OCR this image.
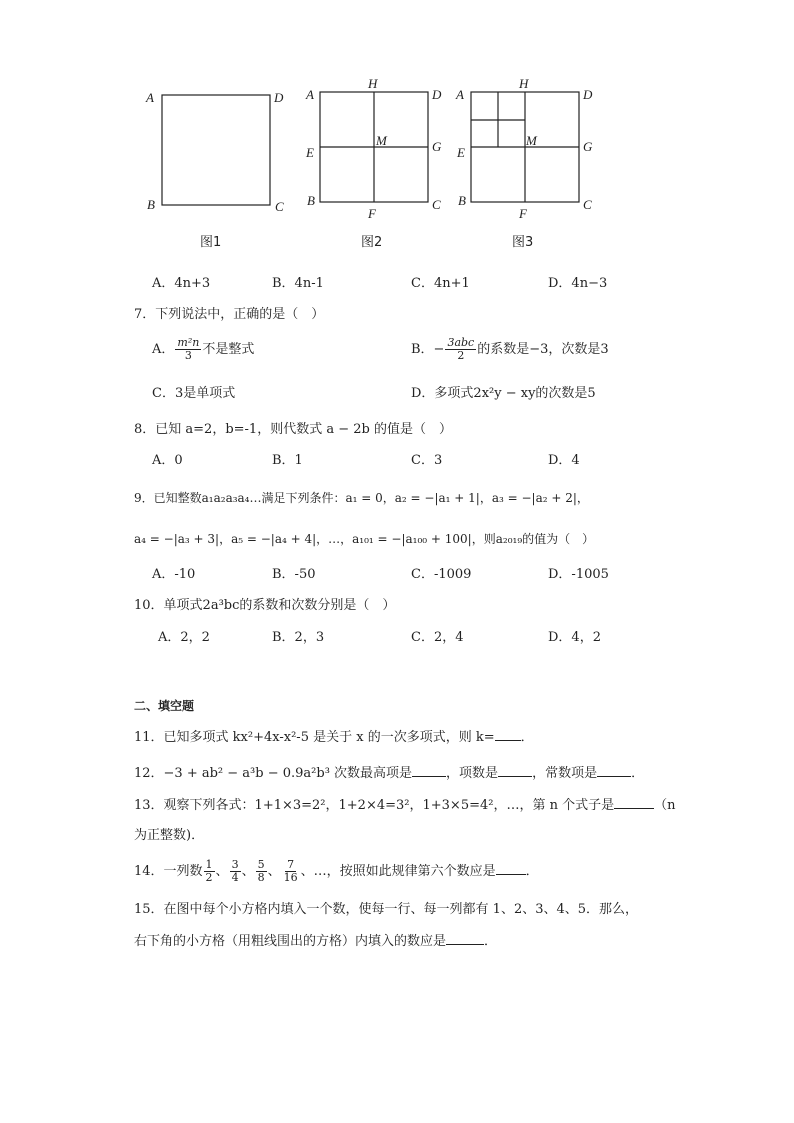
A	D
B	C
A	D
H
E	G
M
B
F
C
A	D
H
E	G
M
B
F
C
图1	图2	图3
A．4n+3	B．4n-1	C．4n+1	D．4n−3
7．下列说法中，正确的是（　）
A． $\frac{\text{m²n}}{3}$ 不是整式	B．− $\frac{\text{3abc}}{2}$ 的系数是−3，次数是3
C．3是单项式	D．多项式2x²y − xy的次数是5
8．已知 a=2，b=-1，则代数式 a − 2b 的值是（　）
A．0	B．1	C．3	D．4
9．已知整数a₁a₂a₃a₄…满足下列条件：a₁ = 0，a₂ = −|a₁ + 1|，a₃ = −|a₂ + 2|，
a₄ = −|a₃ + 3|，a₅ = −|a₄ + 4|，…，a₁₀₁ = −|a₁₀₀ + 100|，则a₂₀₁₉的值为（　）
A．-10	B．-50	C．-1009	D．-1005
10．单项式2a³bc的系数和次数分别是（　）
A．2，2	B．2，3	C．2，4	D．4，2
二、填空题
11．已知多项式 kx²+4x-x²-5 是关于 x 的一次多项式，则 k= ．
12．−3 + ab² − a³b − 0.9a²b³ 次数最高项是	，项数是	，常数项是	．
13．观察下列各式：1+1×3=2²，1+2×4=3²，1+3×5=4²，…，第 n 个式子是	（n
为正整数)．
14．一列数 $\frac{1}{2}$ 、 $\frac{3}{4}$ 、 $\frac{5}{8}$ 、 $\frac{7}{16}$ 、…，按照如此规律第六个数应是 ．
15．在图中每个小方格内填入一个数，使每一行、每一列都有 1、2、3、4、5．那么，
右下角的小方格（用粗线围出的方格）内填入的数应是	．
